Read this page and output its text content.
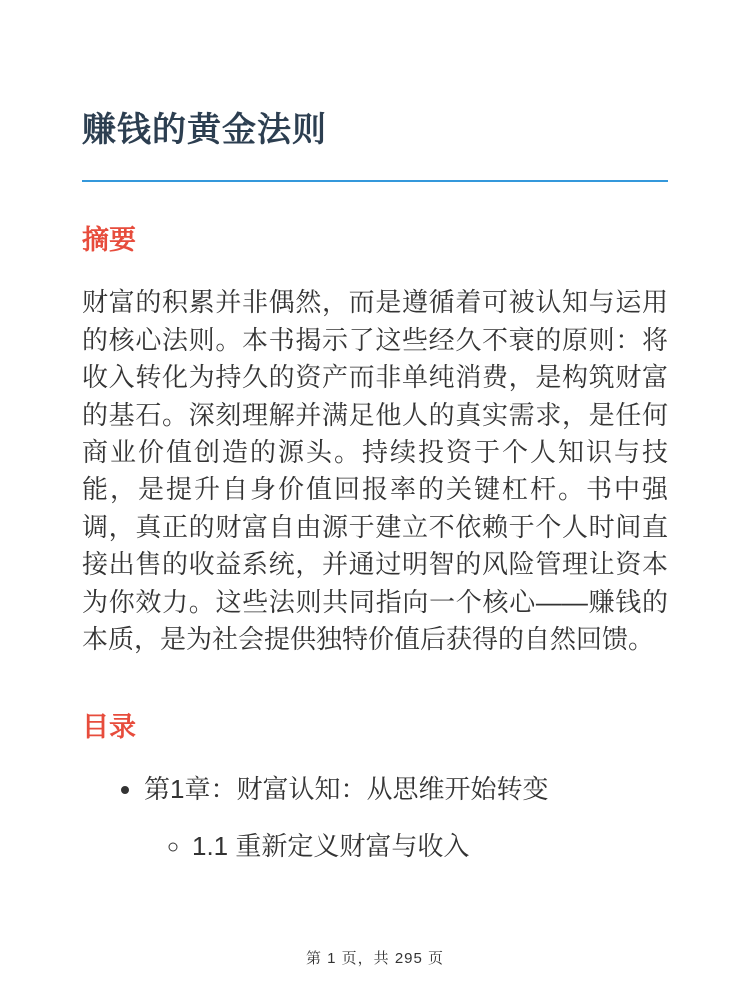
赚钱的黄金法则
摘要

财富的积累并非偶然，而是遵循着可被认知与运用的核心法则。本书揭示了这些经久不衰的原则：将收入转化为持久的资产而非单纯消费，是构筑财富的基石。深刻理解并满足他人的真实需求，是任何商业价值创造的源头。持续投资于个人知识与技能，是提升自身价值回报率的关键杠杆。书中强调，真正的财富自由源于建立不依赖于个人时间直接出售的收益系统，并通过明智的风险管理让资本为你效力。这些法则共同指向一个核心——赚钱的本质，是为社会提供独特价值后获得的自然回馈。

目录
• 第1章：财富认知：从思维开始转变
◦ 1.1 重新定义财富与收入
第 1 页，共 295 页
